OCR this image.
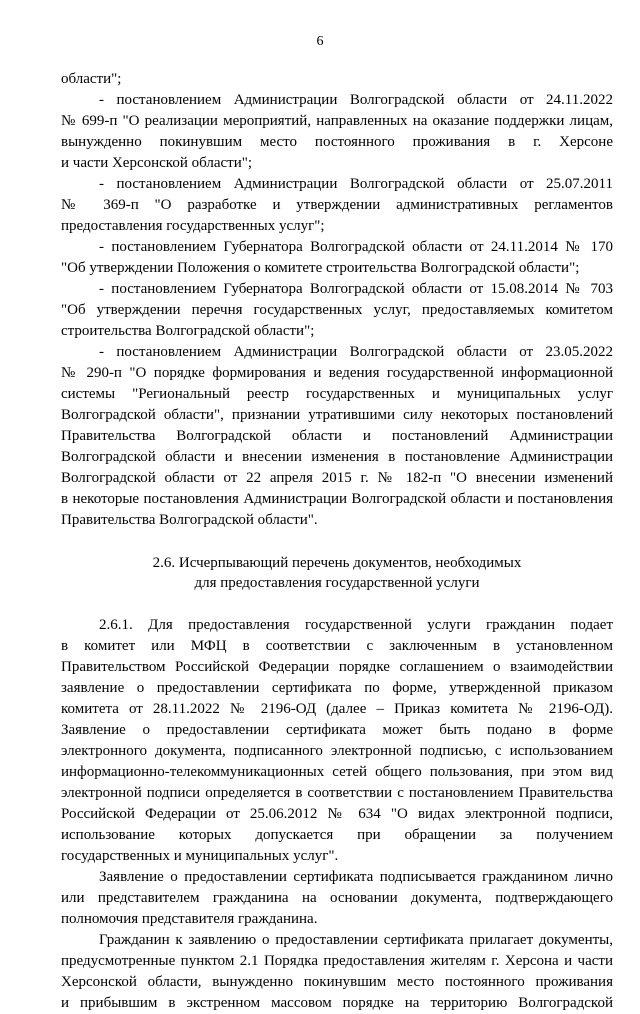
6
области";
- постановлением Администрации Волгоградской области от 24.11.2022
№ 699-п "О реализации мероприятий, направленных на оказание поддержки лицам,
вынужденно покинувшим место постоянного проживания в г. Херсоне
и части Херсонской области";
- постановлением Администрации Волгоградской области от 25.07.2011
№ 369-п "О разработке и утверждении административных регламентов
предоставления государственных услуг";
- постановлением Губернатора Волгоградской области от 24.11.2014 № 170
"Об утверждении Положения о комитете строительства Волгоградской области";
- постановлением Губернатора Волгоградской области от 15.08.2014 № 703
"Об утверждении перечня государственных услуг, предоставляемых комитетом
строительства Волгоградской области";
- постановлением Администрации Волгоградской области от 23.05.2022
№ 290-п "О порядке формирования и ведения государственной информационной
системы "Региональный реестр государственных и муниципальных услуг
Волгоградской области", признании утратившими силу некоторых постановлений
Правительства Волгоградской области и постановлений Администрации
Волгоградской области и внесении изменения в постановление Администрации
Волгоградской области от 22 апреля 2015 г. № 182-п "О внесении изменений
в некоторые постановления Администрации Волгоградской области и постановления
Правительства Волгоградской области".
2.6. Исчерпывающий перечень документов, необходимых
для предоставления государственной услуги
2.6.1. Для предоставления государственной услуги гражданин подает
в комитет или МФЦ в соответствии с заключенным в установленном
Правительством Российской Федерации порядке соглашением о взаимодействии
заявление о предоставлении сертификата по форме, утвержденной приказом
комитета от 28.11.2022 № 2196-ОД (далее – Приказ комитета № 2196-ОД).
Заявление о предоставлении сертификата может быть подано в форме
электронного документа, подписанного электронной подписью, с использованием
информационно-телекоммуникационных сетей общего пользования, при этом вид
электронной подписи определяется в соответствии с постановлением Правительства
Российской Федерации от 25.06.2012 № 634 "О видах электронной подписи,
использование которых допускается при обращении за получением
государственных и муниципальных услуг".
Заявление о предоставлении сертификата подписывается гражданином лично
или представителем гражданина на основании документа, подтверждающего
полномочия представителя гражданина.
Гражданин к заявлению о предоставлении сертификата прилагает документы,
предусмотренные пунктом 2.1 Порядка предоставления жителям г. Херсона и части
Херсонской области, вынужденно покинувшим место постоянного проживания
и прибывшим в экстренном массовом порядке на территорию Волгоградской
